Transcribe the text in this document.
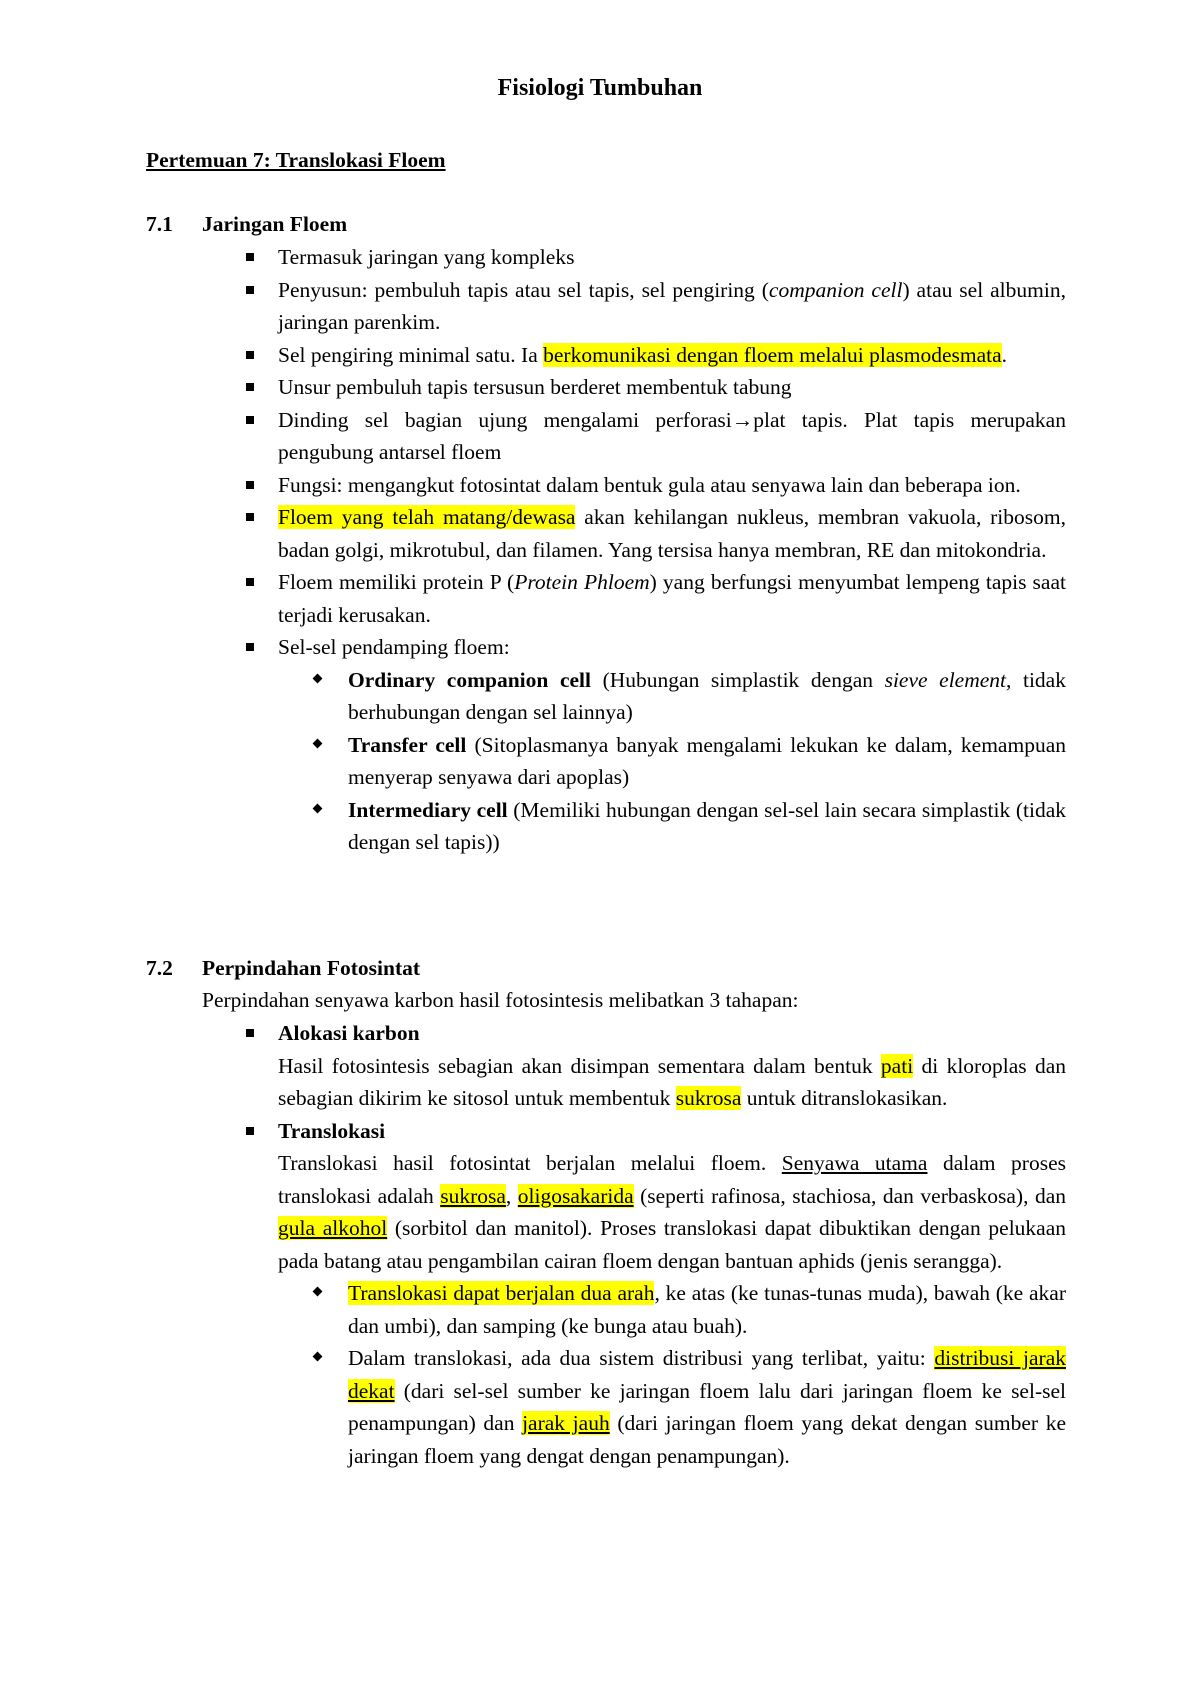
Fisiologi Tumbuhan
Pertemuan 7: Translokasi Floem
7.1 Jaringan Floem
Termasuk jaringan yang kompleks
Penyusun: pembuluh tapis atau sel tapis, sel pengiring (companion cell) atau sel albumin, jaringan parenkim.
Sel pengiring minimal satu. Ia berkomunikasi dengan floem melalui plasmodesmata.
Unsur pembuluh tapis tersusun berderet membentuk tabung
Dinding sel bagian ujung mengalami perforasi→plat tapis. Plat tapis merupakan pengubung antarsel floem
Fungsi: mengangkut fotosintat dalam bentuk gula atau senyawa lain dan beberapa ion.
Floem yang telah matang/dewasa akan kehilangan nukleus, membran vakuola, ribosom, badan golgi, mikrotubul, dan filamen. Yang tersisa hanya membran, RE dan mitokondria.
Floem memiliki protein P (Protein Phloem) yang berfungsi menyumbat lempeng tapis saat terjadi kerusakan.
Sel-sel pendamping floem:
Ordinary companion cell (Hubungan simplastik dengan sieve element, tidak berhubungan dengan sel lainnya)
Transfer cell (Sitoplasmanya banyak mengalami lekukan ke dalam, kemampuan menyerap senyawa dari apoplas)
Intermediary cell (Memiliki hubungan dengan sel-sel lain secara simplastik (tidak dengan sel tapis))
7.2 Perpindahan Fotosintat
Perpindahan senyawa karbon hasil fotosintesis melibatkan 3 tahapan:
Alokasi karbon
Hasil fotosintesis sebagian akan disimpan sementara dalam bentuk pati di kloroplas dan sebagian dikirim ke sitosol untuk membentuk sukrosa untuk ditranslokasikan.
Translokasi
Translokasi hasil fotosintat berjalan melalui floem. Senyawa utama dalam proses translokasi adalah sukrosa, oligosakarida (seperti rafinosa, stachiosa, dan verbaskosa), dan gula alkohol (sorbitol dan manitol). Proses translokasi dapat dibuktikan dengan pelukaan pada batang atau pengambilan cairan floem dengan bantuan aphids (jenis serangga).
Translokasi dapat berjalan dua arah, ke atas (ke tunas-tunas muda), bawah (ke akar dan umbi), dan samping (ke bunga atau buah).
Dalam translokasi, ada dua sistem distribusi yang terlibat, yaitu: distribusi jarak dekat (dari sel-sel sumber ke jaringan floem lalu dari jaringan floem ke sel-sel penampungan) dan jarak jauh (dari jaringan floem yang dekat dengan sumber ke jaringan floem yang dengat dengan penampungan).
